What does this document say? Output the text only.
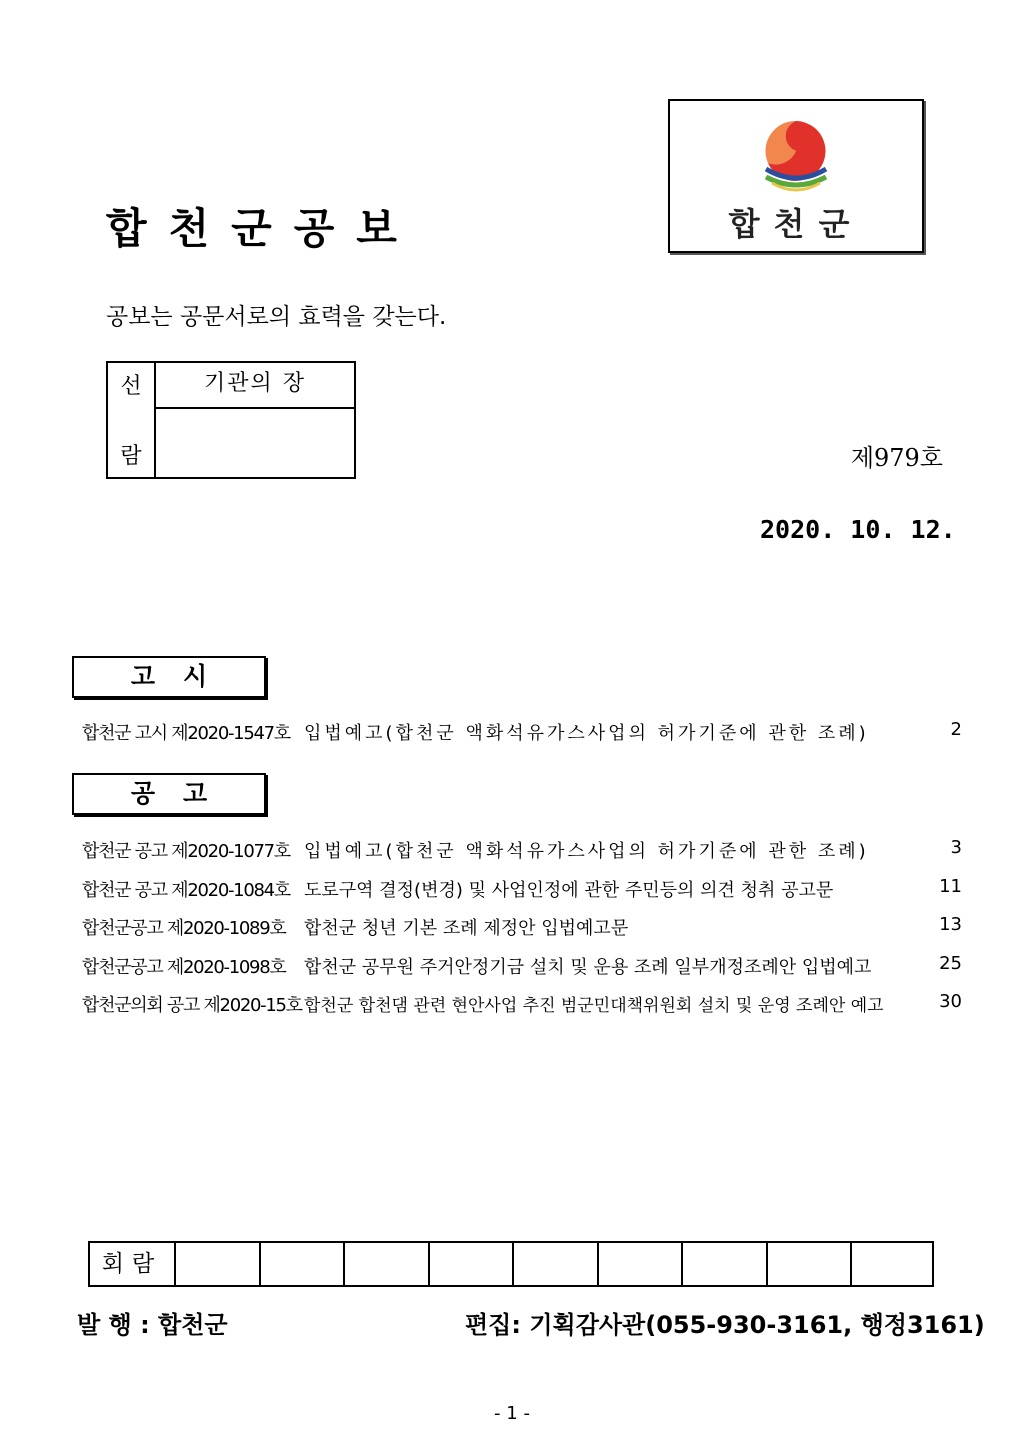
합천군공보	합천군
공보는 공문서로의 효력을 갖는다.
선
람
기관의 장
제979호
2020. 10. 12.
고시
합천군 고시 제2020-1547호 입법예고(합천군 액화석유가스사업의 허가기준에 관한 조례)	2
공고
합천군 공고 제2020-1077호 입법예고(합천군 액화석유가스사업의 허가기준에 관한 조례)	3
합천군 공고 제2020-1084호 도로구역 결정(변경) 및 사업인정에 관한 주민등의 의견 청취 공고문	11
합천군공고 제2020-1089호 합천군 청년 기본 조례 제정안 입법예고문	13
합천군공고 제2020-1098호 합천군 공무원 주거안정기금 설치 및 운용 조례 일부개정조례안 입법예고	25
합천군의회 공고 제2020-15호 합천군 합천댐 관련 현안사업 추진 범군민대책위원회 설치 및 운영 조례안 예고	30
회람
발 행 : 합천군	편집: 기획감사관(055-930-3161, 행정3161)
- 1 -
